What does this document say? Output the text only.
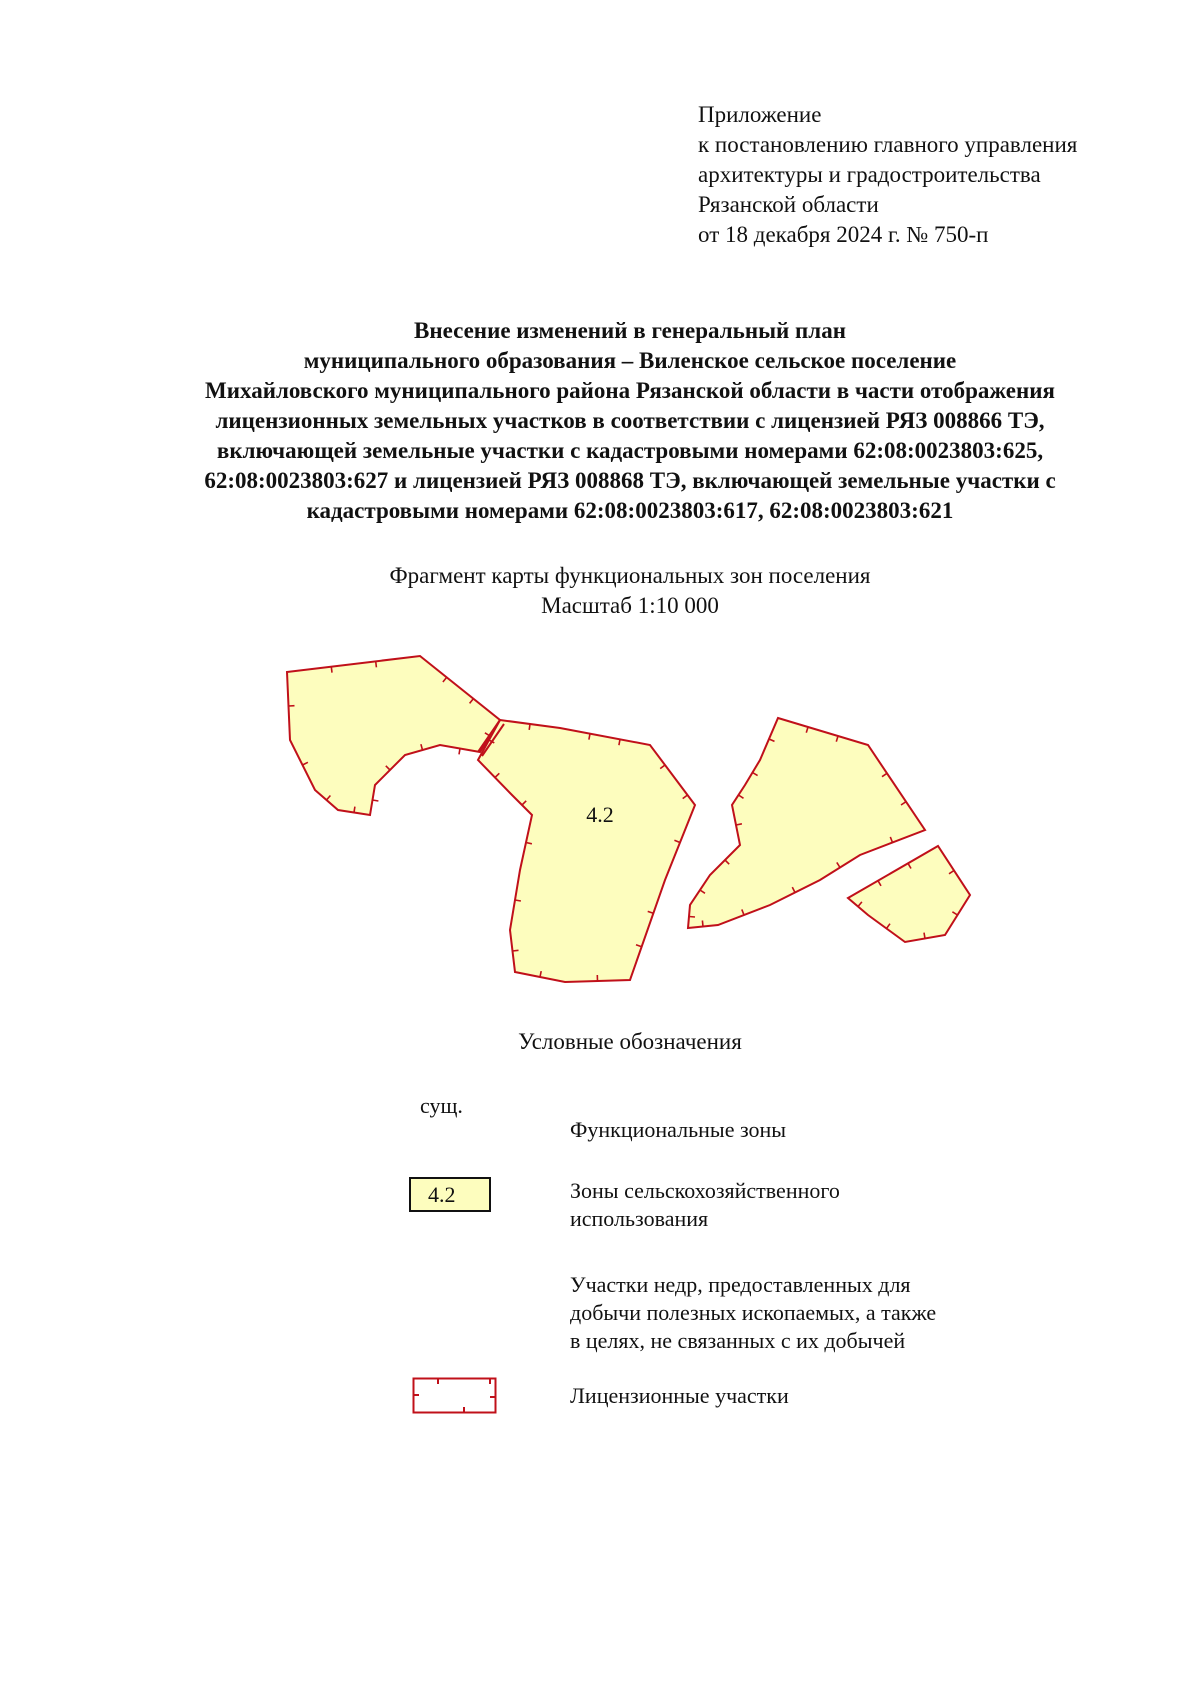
Приложение
к постановлению главного управления
архитектуры и градостроительства
Рязанской области
от 18 декабря 2024 г. № 750-п
Внесение изменений в генеральный план
муниципального образования – Виленское сельское поселение
Михайловского муниципального района Рязанской области в части отображения
лицензионных земельных участков в соответствии с лицензией РЯЗ 008866 ТЭ,
включающей земельные участки с кадастровыми номерами 62:08:0023803:625,
62:08:0023803:627 и лицензией РЯЗ 008868 ТЭ, включающей земельные участки с
кадастровыми номерами 62:08:0023803:617, 62:08:0023803:621
Фрагмент карты функциональных зон поселения
Масштаб 1:10 000
4.2
Условные обозначения
сущ.
Функциональные зоны
4.2	Зоны сельскохозяйственного
использования
Участки недр, предоставленных для
добычи полезных ископаемых, а также
в целях, не связанных с их добычей
Лицензионные участки
